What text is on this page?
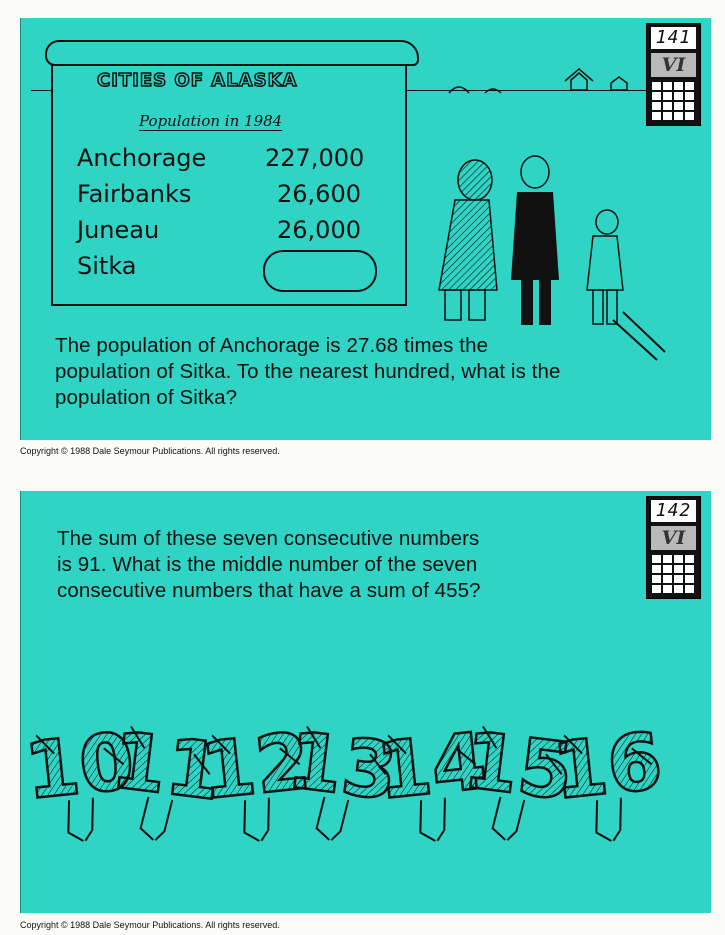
141
VI
CITIES OF ALASKA
Population in 1984
Anchorage 227,000
Fairbanks	26,600
Juneau	26,000
Sitka
The population of Anchorage is 27.68 times the population of Sitka. To the nearest hundred, what is the population of Sitka?
Copyright © 1988 Dale Seymour Publications. All rights reserved.
142
VI
The sum of these seven consecutive numbers is 91. What is the middle number of the seven consecutive numbers that have a sum of 455?
10
11
12
13
14
15
16
Copyright © 1988 Dale Seymour Publications. All rights reserved.
